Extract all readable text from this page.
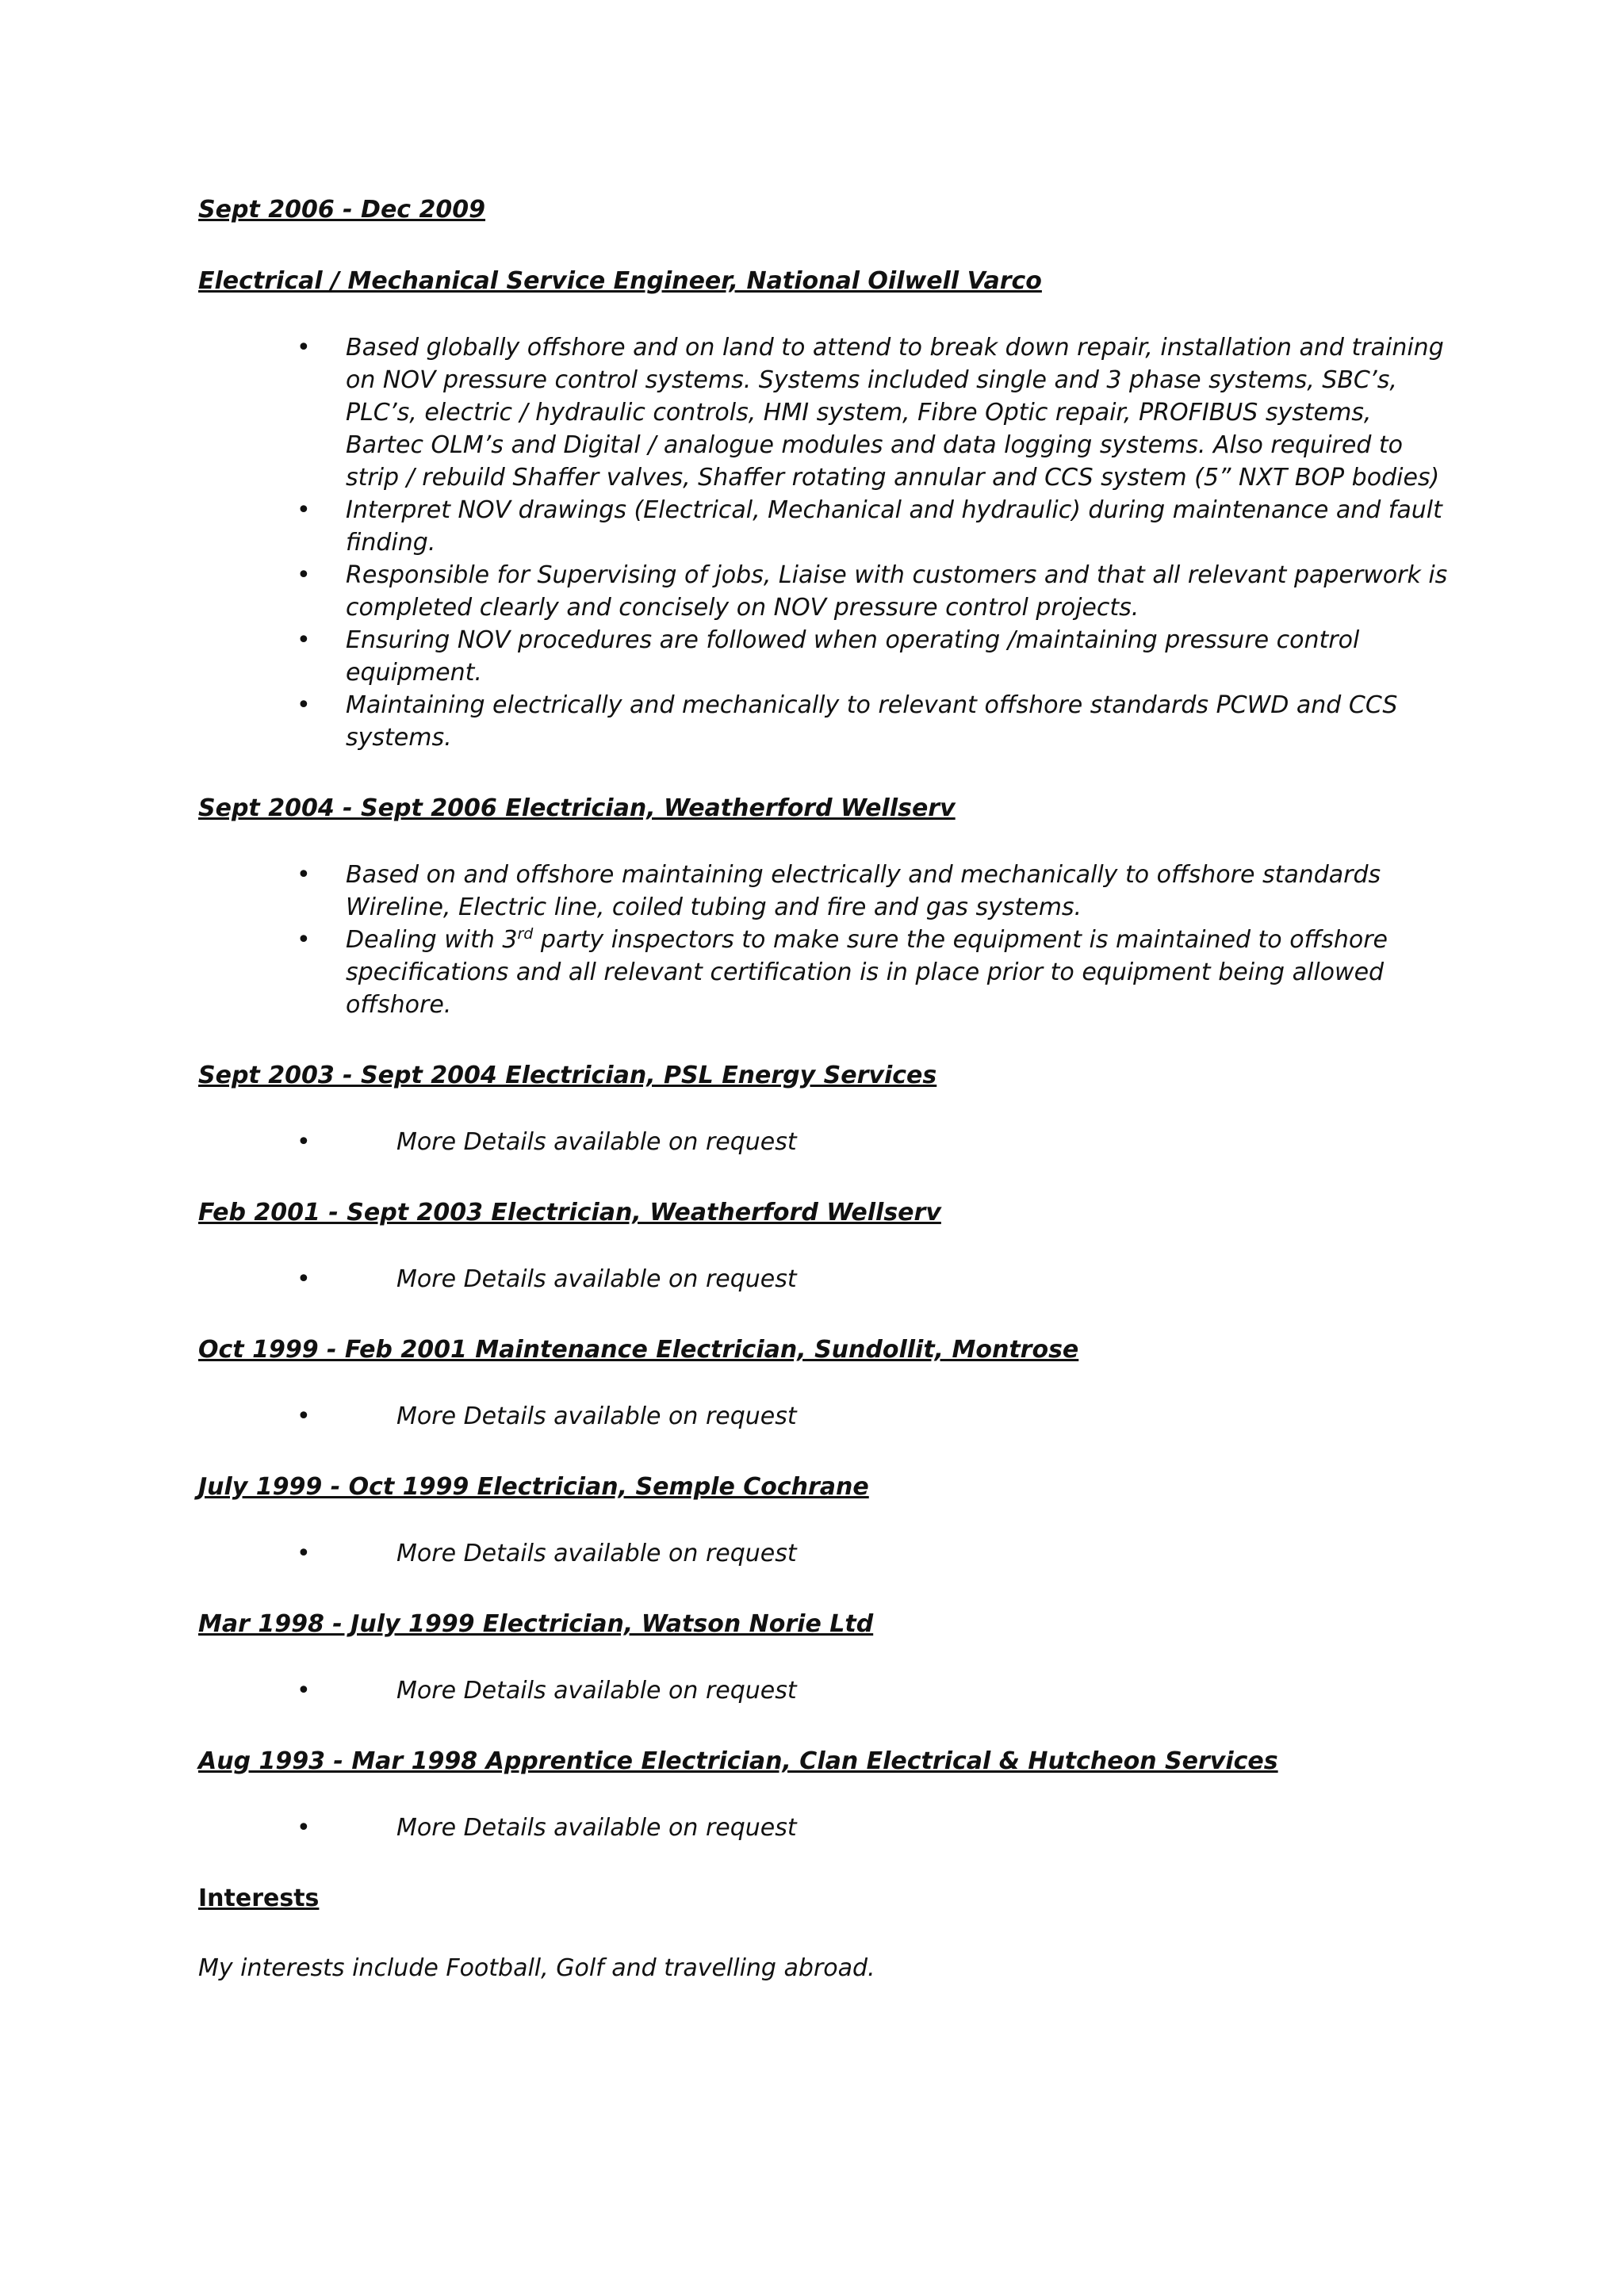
Sept 2006 - Dec 2009

Electrical / Mechanical Service Engineer, National Oilwell Varco

• Based globally offshore and on land to attend to break down repair, installation and training on NOV pressure control systems. Systems included single and 3 phase systems, SBC’s, PLC’s, electric / hydraulic controls, HMI system, Fibre Optic repair, PROFIBUS systems, Bartec OLM’s and Digital / analogue modules and data logging systems. Also required to strip / rebuild Shaffer valves, Shaffer rotating annular and CCS system (5” NXT BOP bodies)
• Interpret NOV drawings (Electrical, Mechanical and hydraulic) during maintenance and fault finding.
• Responsible for Supervising of jobs, Liaise with customers and that all relevant paperwork is completed clearly and concisely on NOV pressure control projects.
• Ensuring NOV procedures are followed when operating /maintaining pressure control equipment.
• Maintaining electrically and mechanically to relevant offshore standards PCWD and CCS systems.

Sept 2004 - Sept 2006 Electrician, Weatherford Wellserv

• Based on and offshore maintaining electrically and mechanically to offshore standards Wireline, Electric line, coiled tubing and fire and gas systems.
• Dealing with 3rd party inspectors to make sure the equipment is maintained to offshore specifications and all relevant certification is in place prior to equipment being allowed offshore.

Sept 2003 - Sept 2004 Electrician, PSL Energy Services

•	More Details available on request

Feb 2001 - Sept 2003 Electrician, Weatherford Wellserv

•	More Details available on request

Oct 1999 - Feb 2001 Maintenance Electrician, Sundollit, Montrose

•	More Details available on request

July 1999 - Oct 1999 Electrician, Semple Cochrane

•	More Details available on request

Mar 1998 - July 1999 Electrician, Watson Norie Ltd

•	More Details available on request

Aug 1993 - Mar 1998 Apprentice Electrician, Clan Electrical & Hutcheon Services

•	More Details available on request

Interests

My interests include Football, Golf and travelling abroad.
